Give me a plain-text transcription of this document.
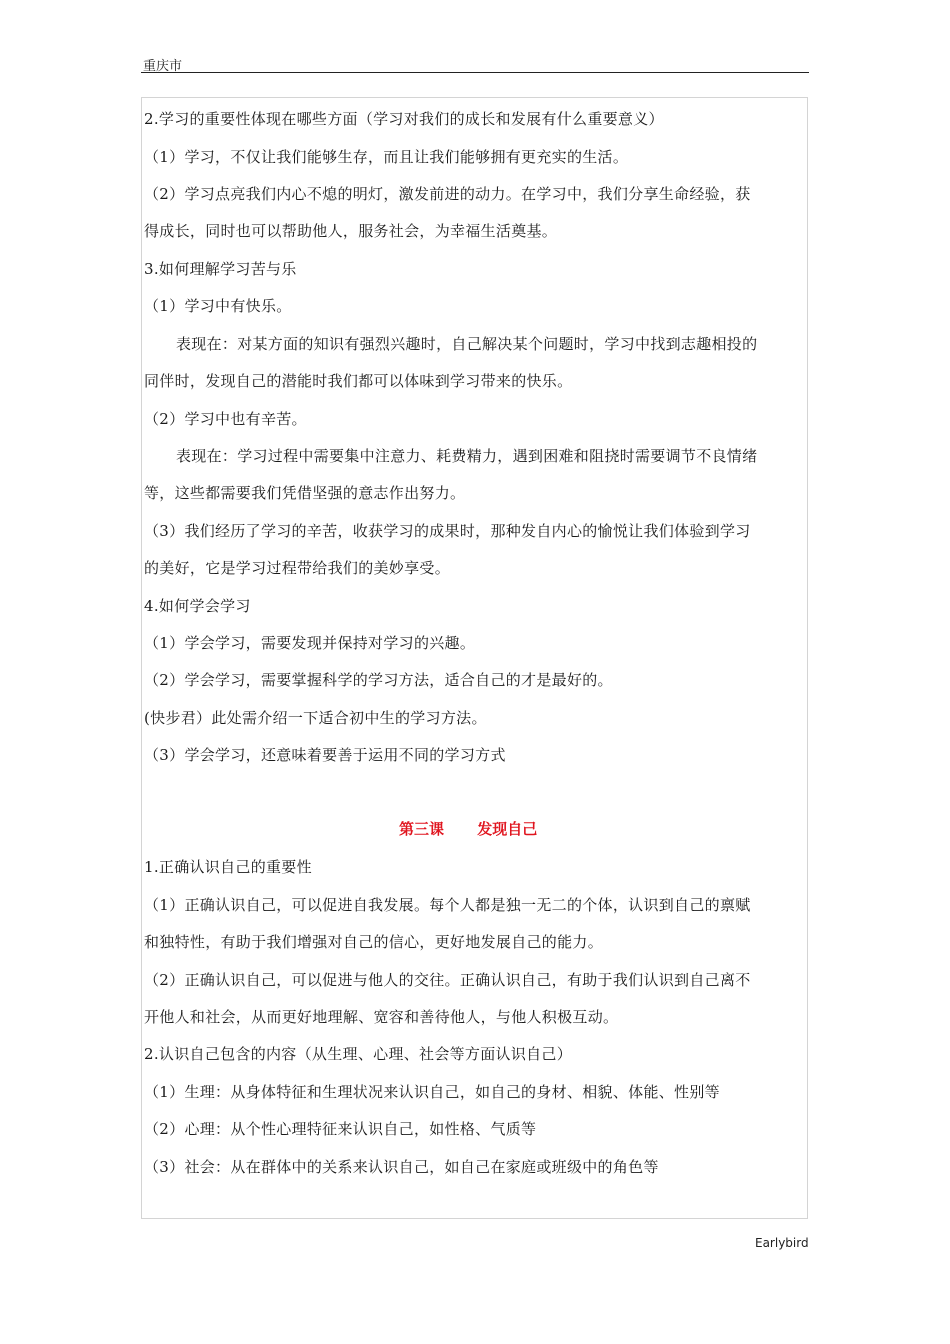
重庆市
2.学习的重要性体现在哪些方面（学习对我们的成长和发展有什么重要意义）
（1）学习，不仅让我们能够生存，而且让我们能够拥有更充实的生活。
（2）学习点亮我们内心不熄的明灯，激发前进的动力。在学习中，我们分享生命经验，获
得成长，同时也可以帮助他人，服务社会，为幸福生活奠基。
3.如何理解学习苦与乐
（1）学习中有快乐。
表现在：对某方面的知识有强烈兴趣时，自己解决某个问题时，学习中找到志趣相投的
同伴时，发现自己的潜能时我们都可以体味到学习带来的快乐。
（2）学习中也有辛苦。
表现在：学习过程中需要集中注意力、耗费精力，遇到困难和阻挠时需要调节不良情绪
等，这些都需要我们凭借坚强的意志作出努力。
（3）我们经历了学习的辛苦，收获学习的成果时，那种发自内心的愉悦让我们体验到学习
的美好，它是学习过程带给我们的美妙享受。
4.如何学会学习
（1）学会学习，需要发现并保持对学习的兴趣。
（2）学会学习，需要掌握科学的学习方法，适合自己的才是最好的。
(快步君）此处需介绍一下适合初中生的学习方法。
（3）学会学习，还意味着要善于运用不同的学习方式
第三课 发现自己
1.正确认识自己的重要性
（1）正确认识自己，可以促进自我发展。每个人都是独一无二的个体，认识到自己的禀赋
和独特性，有助于我们增强对自己的信心，更好地发展自己的能力。
（2）正确认识自己，可以促进与他人的交往。正确认识自己，有助于我们认识到自己离不
开他人和社会，从而更好地理解、宽容和善待他人，与他人积极互动。
2.认识自己包含的内容（从生理、心理、社会等方面认识自己）
（1）生理：从身体特征和生理状况来认识自己，如自己的身材、相貌、体能、性别等
（2）心理：从个性心理特征来认识自己，如性格、气质等
（3）社会：从在群体中的关系来认识自己，如自己在家庭或班级中的角色等
Earlybird
